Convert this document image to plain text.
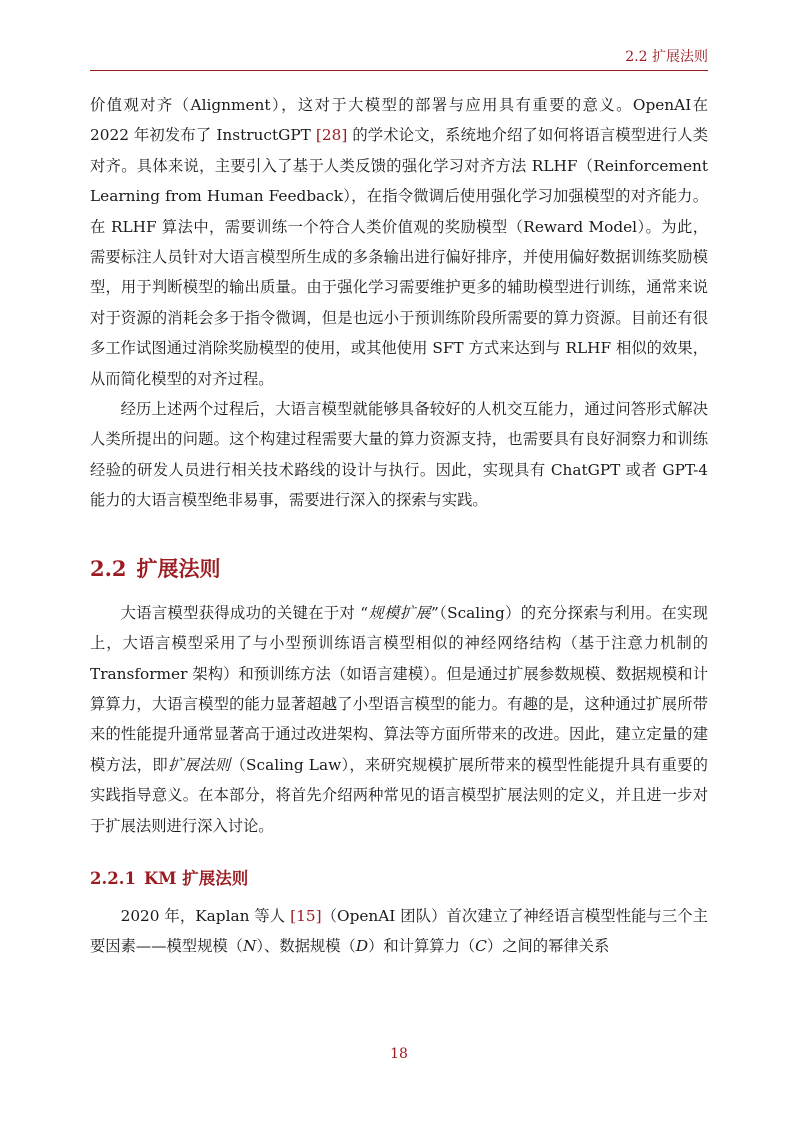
2.2 扩展法则

价值观对齐（Alignment），这对于大模型的部署与应用具有重要的意义。OpenAI在 2022 年初发布了 InstructGPT [28] 的学术论文，系统地介绍了如何将语言模型进行人类对齐。具体来说，主要引入了基于人类反馈的强化学习对齐方法 RLHF（Reinforcement Learning from Human Feedback），在指令微调后使用强化学习加强模型的对齐能力。在 RLHF 算法中，需要训练一个符合人类价值观的奖励模型（Reward Model）。为此，需要标注人员针对大语言模型所生成的多条输出进行偏好排序，并使用偏好数据训练奖励模型，用于判断模型的输出质量。由于强化学习需要维护更多的辅助模型进行训练，通常来说对于资源的消耗会多于指令微调，但是也远小于预训练阶段所需要的算力资源。目前还有很多工作试图通过消除奖励模型的使用，或其他使用 SFT 方式来达到与 RLHF 相似的效果，从而简化模型的对齐过程。

经历上述两个过程后，大语言模型就能够具备较好的人机交互能力，通过问答形式解决人类所提出的问题。这个构建过程需要大量的算力资源支持，也需要具有良好洞察力和训练经验的研发人员进行相关技术路线的设计与执行。因此，实现具有 ChatGPT 或者 GPT-4 能力的大语言模型绝非易事，需要进行深入的探索与实践。

2.2 扩展法则

大语言模型获得成功的关键在于对 “规模扩展”（Scaling）的充分探索与利用。在实现上，大语言模型采用了与小型预训练语言模型相似的神经网络结构（基于注意力机制的 Transformer 架构）和预训练方法（如语言建模）。但是通过扩展参数规模、数据规模和计算算力，大语言模型的能力显著超越了小型语言模型的能力。有趣的是，这种通过扩展所带来的性能提升通常显著高于通过改进架构、算法等方面所带来的改进。因此，建立定量的建模方法，即扩展法则（Scaling Law），来研究规模扩展所带来的模型性能提升具有重要的实践指导意义。在本部分，将首先介绍两种常见的语言模型扩展法则的定义，并且进一步对于扩展法则进行深入讨论。

2.2.1 KM 扩展法则

2020 年，Kaplan 等人 [15]（OpenAI 团队）首次建立了神经语言模型性能与三个主要因素——模型规模（N）、数据规模（D）和计算算力（C）之间的幂律关系

18
